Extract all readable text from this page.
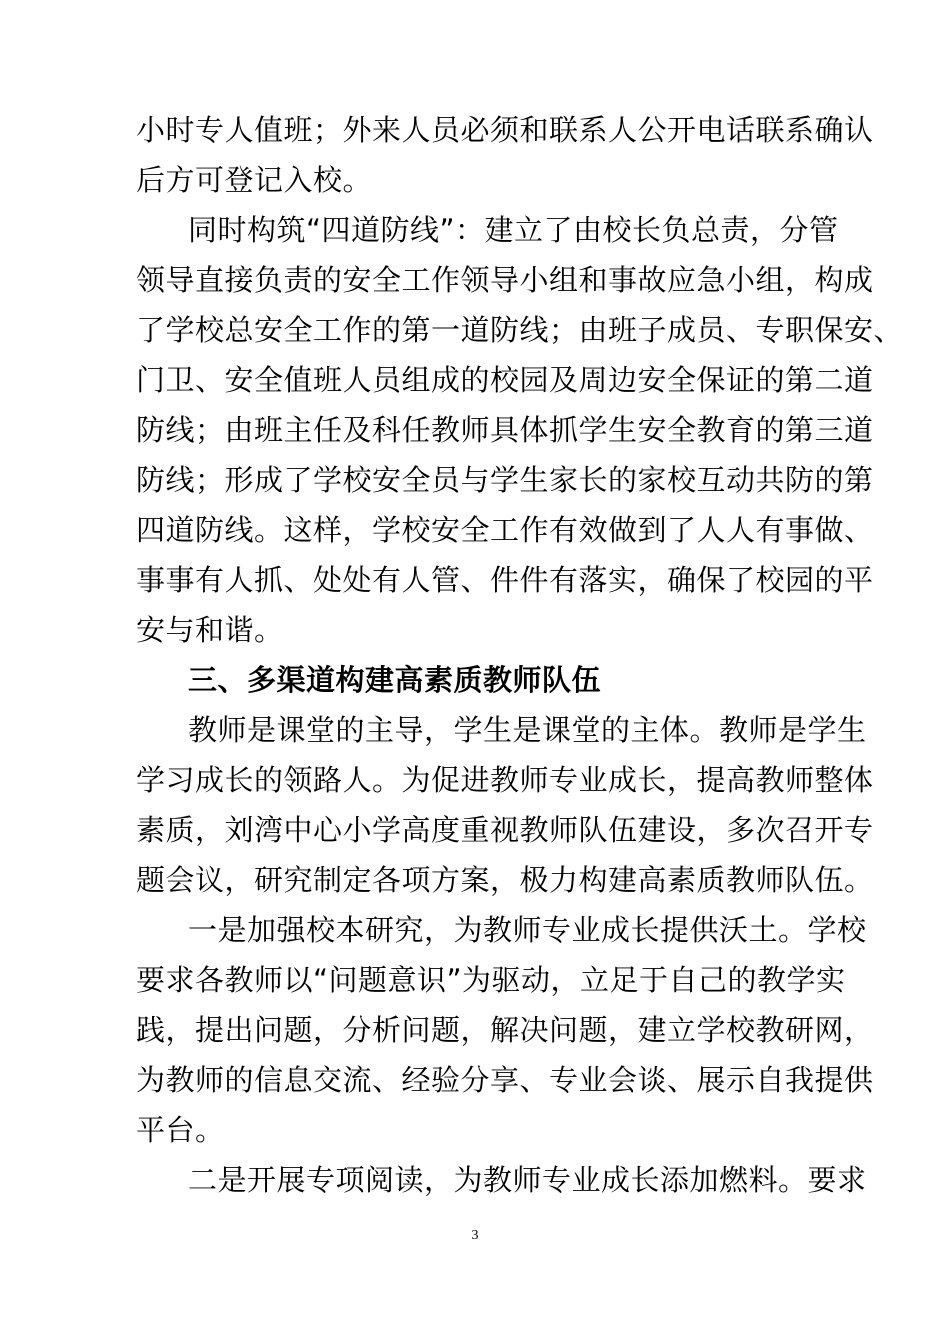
小时专人值班；外来人员必须和联系人公开电话联系确认
后方可登记入校。
同时构筑“四道防线”：建立了由校长负总责，分管
领导直接负责的安全工作领导小组和事故应急小组，构成
了学校总安全工作的第一道防线；由班子成员、专职保安、
门卫、安全值班人员组成的校园及周边安全保证的第二道
防线；由班主任及科任教师具体抓学生安全教育的第三道
防线；形成了学校安全员与学生家长的家校互动共防的第
四道防线。这样，学校安全工作有效做到了人人有事做、
事事有人抓、处处有人管、件件有落实，确保了校园的平
安与和谐。
三、多渠道构建高素质教师队伍
教师是课堂的主导，学生是课堂的主体。教师是学生
学习成长的领路人。为促进教师专业成长，提高教师整体
素质，刘湾中心小学高度重视教师队伍建设，多次召开专
题会议，研究制定各项方案，极力构建高素质教师队伍。
一是加强校本研究，为教师专业成长提供沃土。学校
要求各教师以“问题意识”为驱动，立足于自己的教学实
践，提出问题，分析问题，解决问题，建立学校教研网，
为教师的信息交流、经验分享、专业会谈、展示自我提供
平台。
二是开展专项阅读，为教师专业成长添加燃料。要求
3
